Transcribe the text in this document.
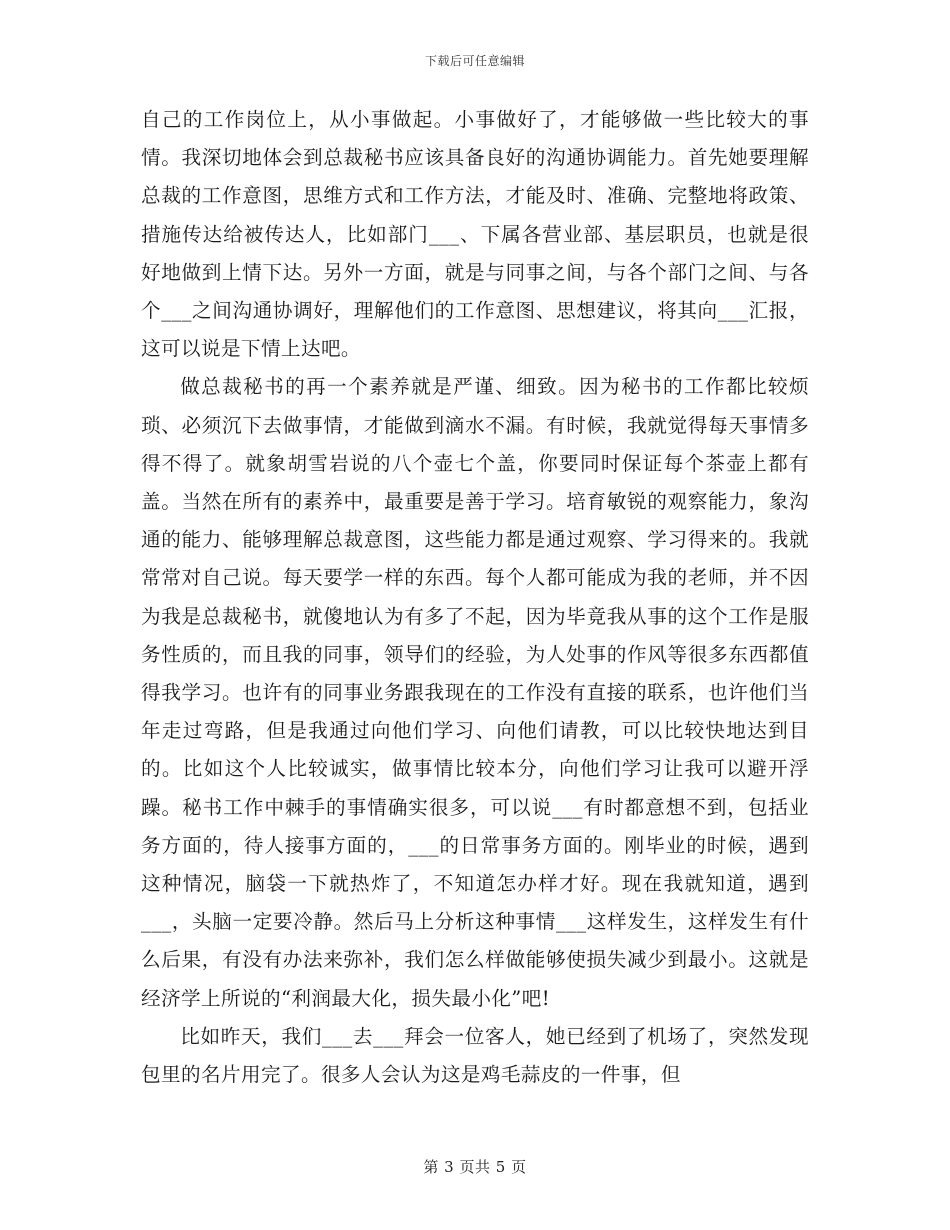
下载后可任意编辑

自己的工作岗位上，从小事做起。小事做好了，才能够做一些比较大的事情。我深切地体会到总裁秘书应该具备良好的沟通协调能力。首先她要理解总裁的工作意图，思维方式和工作方法，才能及时、准确、完整地将政策、措施传达给被传达人，比如部门___、下属各营业部、基层职员，也就是很好地做到上情下达。另外一方面，就是与同事之间，与各个部门之间、与各个___之间沟通协调好，理解他们的工作意图、思想建议，将其向___汇报，这可以说是下情上达吧。

做总裁秘书的再一个素养就是严谨、细致。因为秘书的工作都比较烦琐、必须沉下去做事情，才能做到滴水不漏。有时候，我就觉得每天事情多得不得了。就象胡雪岩说的八个壶七个盖，你要同时保证每个茶壶上都有盖。当然在所有的素养中，最重要是善于学习。培育敏锐的观察能力，象沟通的能力、能够理解总裁意图，这些能力都是通过观察、学习得来的。我就常常对自己说。每天要学一样的东西。每个人都可能成为我的老师，并不因为我是总裁秘书，就傻地认为有多了不起，因为毕竟我从事的这个工作是服务性质的，而且我的同事，领导们的经验，为人处事的作风等很多东西都值得我学习。也许有的同事业务跟我现在的工作没有直接的联系，也许他们当年走过弯路，但是我通过向他们学习、向他们请教，可以比较快地达到目的。比如这个人比较诚实，做事情比较本分，向他们学习让我可以避开浮躁。秘书工作中棘手的事情确实很多，可以说___有时都意想不到，包括业务方面的，待人接事方面的，___的日常事务方面的。刚毕业的时候，遇到这种情况，脑袋一下就热炸了，不知道怎办样才好。现在我就知道，遇到___，头脑一定要冷静。然后马上分析这种事情___这样发生，这样发生有什么后果，有没有办法来弥补，我们怎么样做能够使损失减少到最小。这就是经济学上所说的“利润最大化，损失最小化”吧!

比如昨天，我们___去___拜会一位客人，她已经到了机场了，突然发现包里的名片用完了。很多人会认为这是鸡毛蒜皮的一件事，但

第 3 页共 5 页
